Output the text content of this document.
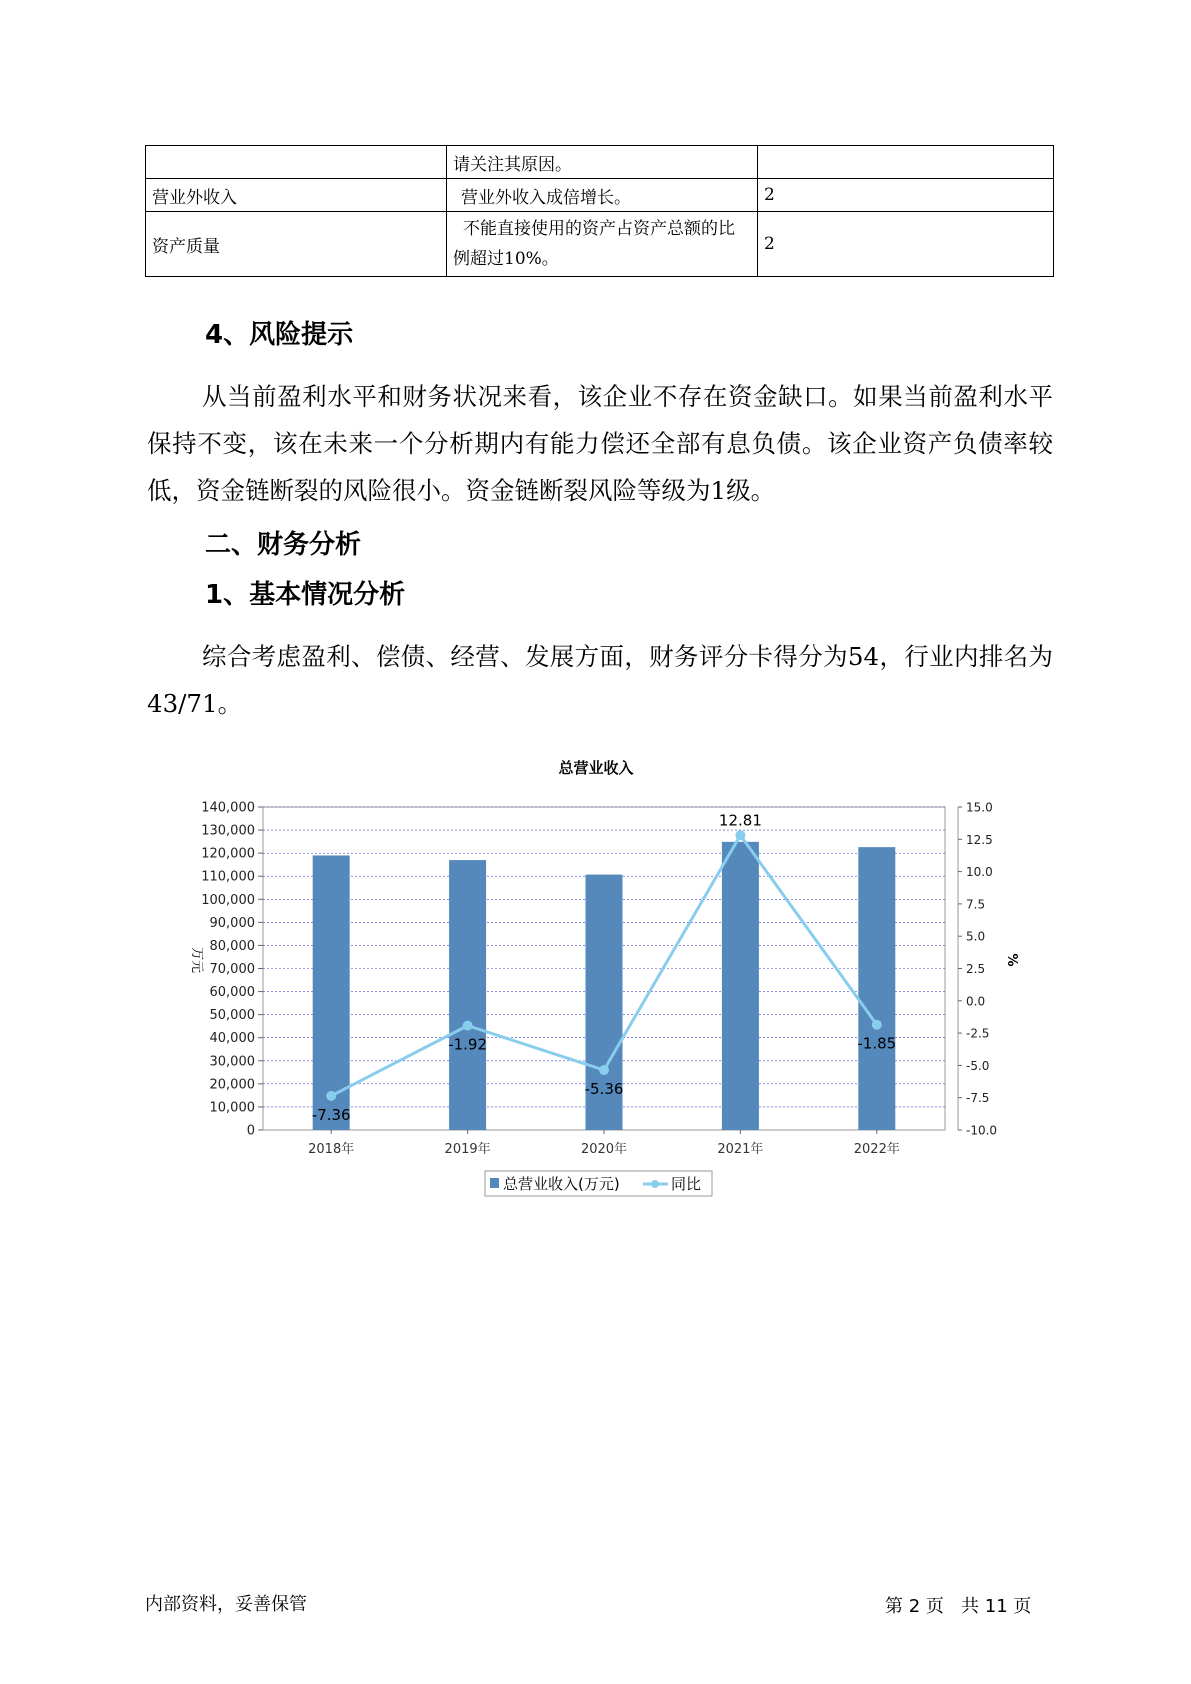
	请关注其原因。	
营业外收入	营业外收入成倍增长。	2
资产质量	不能直接使用的资产占资产总额的比例超过10%。	2
4、风险提示
从当前盈利水平和财务状况来看，该企业不存在资金缺口。如果当前盈利水平保持不变，该在未来一个分析期内有能力偿还全部有息负债。该企业资产负债率较低，资金链断裂的风险很小。资金链断裂风险等级为1级。
二、财务分析
1、基本情况分析
综合考虑盈利、偿债、经营、发展方面，财务评分卡得分为54，行业内排名为43/71。
总营业收入
0
10,000
20,000
30,000
40,000
50,000
60,000
70,000
80,000
90,000
100,000
110,000
120,000
130,000
140,000
-10.0
-7.5
-5.0
-2.5
0.0
2.5
5.0
7.5
10.0
12.5
15.0
2018年	2019年	2020年	2021年	2022年
-7.36
-1.92
-5.36
12.81
-1.85
万元	%
总营业收入(万元)	同比
内部资料，妥善保管	第 2 页   共 11 页
